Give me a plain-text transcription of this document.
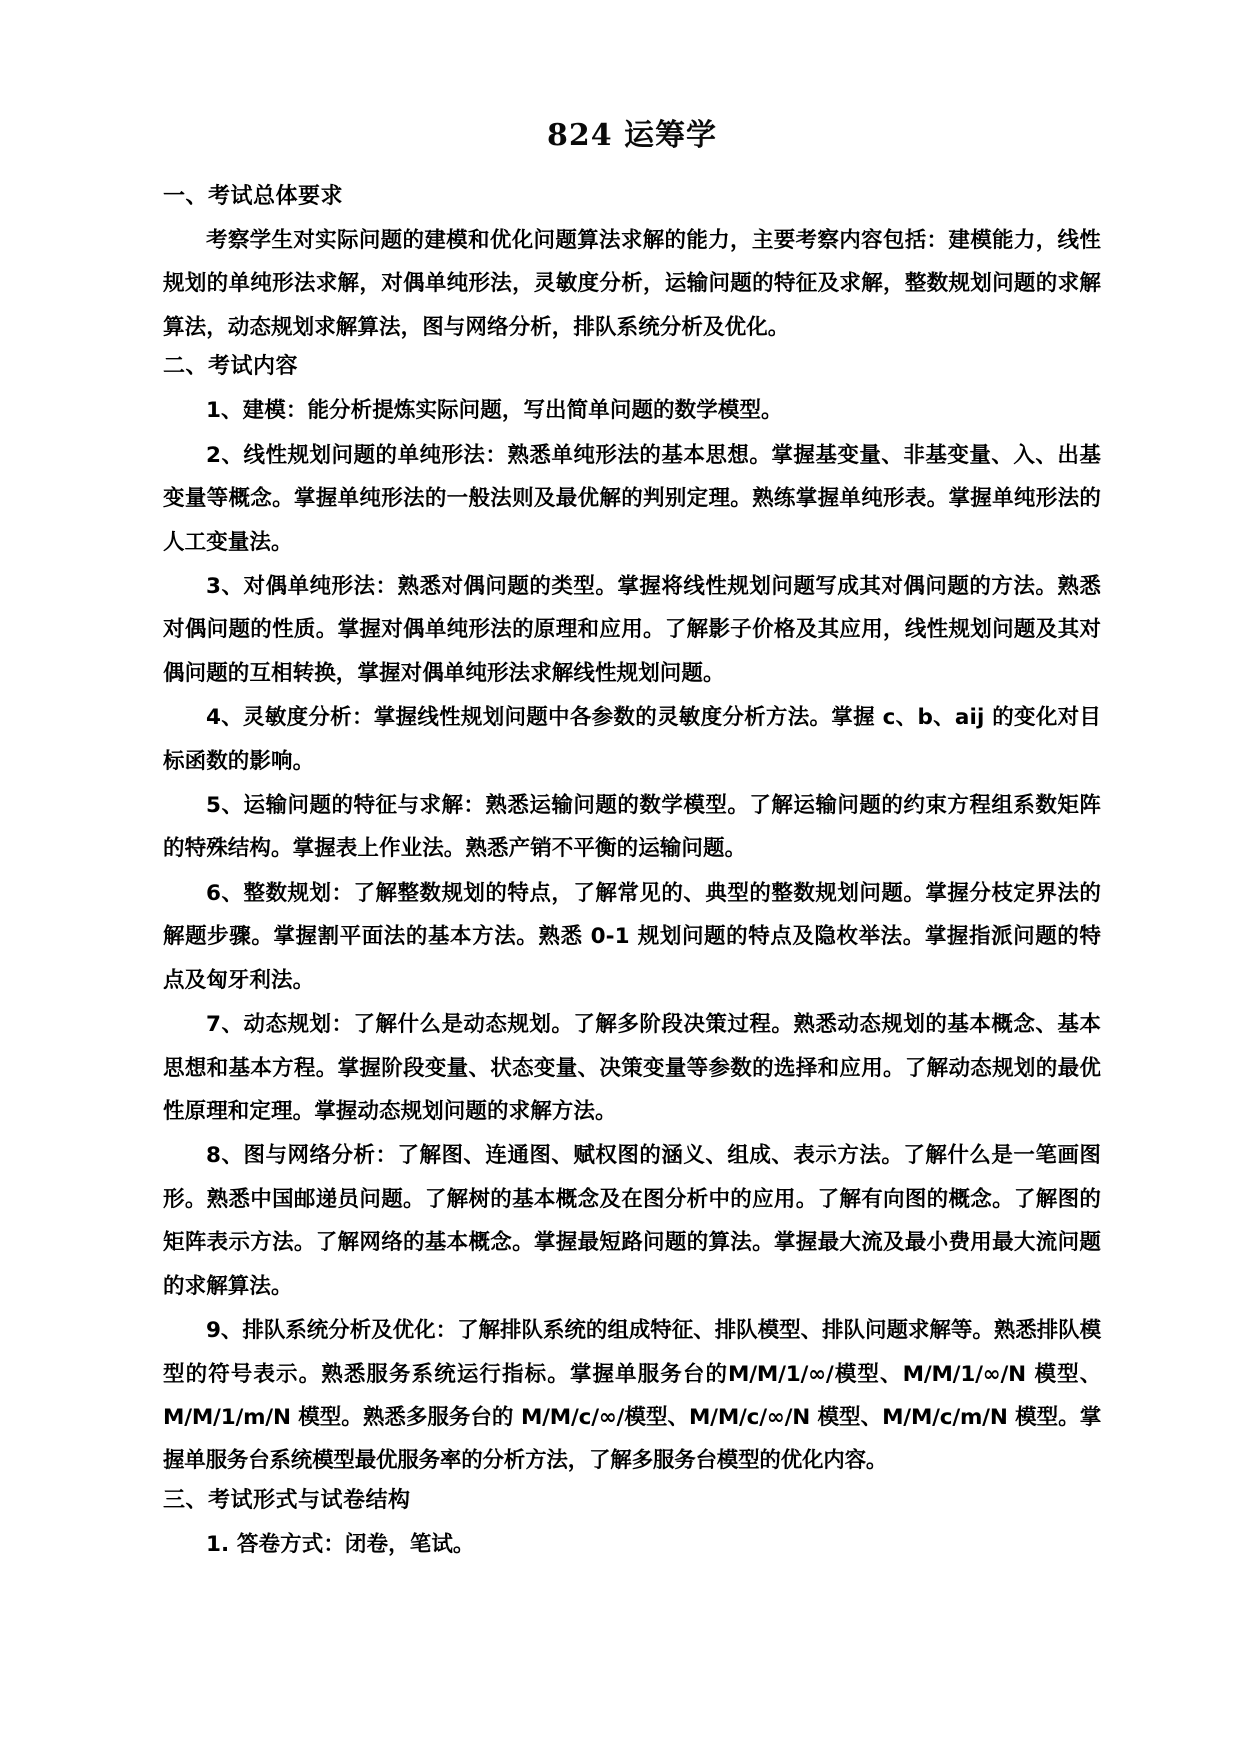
824 运筹学
一、考试总体要求

考察学生对实际问题的建模和优化问题算法求解的能力，主要考察内容包括：建模能力，线性规划的单纯形法求解，对偶单纯形法，灵敏度分析，运输问题的特征及求解，整数规划问题的求解算法，动态规划求解算法，图与网络分析，排队系统分析及优化。

二、考试内容

1、建模：能分析提炼实际问题，写出简单问题的数学模型。

2、线性规划问题的单纯形法：熟悉单纯形法的基本思想。掌握基变量、非基变量、入、出基变量等概念。掌握单纯形法的一般法则及最优解的判别定理。熟练掌握单纯形表。掌握单纯形法的人工变量法。

3、对偶单纯形法：熟悉对偶问题的类型。掌握将线性规划问题写成其对偶问题的方法。熟悉对偶问题的性质。掌握对偶单纯形法的原理和应用。了解影子价格及其应用，线性规划问题及其对偶问题的互相转换，掌握对偶单纯形法求解线性规划问题。

4、灵敏度分析：掌握线性规划问题中各参数的灵敏度分析方法。掌握 c、b、aij 的变化对目标函数的影响。

5、运输问题的特征与求解：熟悉运输问题的数学模型。了解运输问题的约束方程组系数矩阵的特殊结构。掌握表上作业法。熟悉产销不平衡的运输问题。

6、整数规划：了解整数规划的特点，了解常见的、典型的整数规划问题。掌握分枝定界法的解题步骤。掌握割平面法的基本方法。熟悉 0-1 规划问题的特点及隐枚举法。掌握指派问题的特点及匈牙利法。

7、动态规划：了解什么是动态规划。了解多阶段决策过程。熟悉动态规划的基本概念、基本思想和基本方程。掌握阶段变量、状态变量、决策变量等参数的选择和应用。了解动态规划的最优性原理和定理。掌握动态规划问题的求解方法。

8、图与网络分析：了解图、连通图、赋权图的涵义、组成、表示方法。了解什么是一笔画图形。熟悉中国邮递员问题。了解树的基本概念及在图分析中的应用。了解有向图的概念。了解图的矩阵表示方法。了解网络的基本概念。掌握最短路问题的算法。掌握最大流及最小费用最大流问题的求解算法。

9、排队系统分析及优化：了解排队系统的组成特征、排队模型、排队问题求解等。熟悉排队模型的符号表示。熟悉服务系统运行指标。掌握单服务台的M/M/1/∞/模型、M/M/1/∞/N 模型、M/M/1/m/N 模型。熟悉多服务台的 M/M/c/∞/模型、M/M/c/∞/N 模型、M/M/c/m/N 模型。掌握单服务台系统模型最优服务率的分析方法，了解多服务台模型的优化内容。

三、考试形式与试卷结构

1. 答卷方式：闭卷，笔试。
